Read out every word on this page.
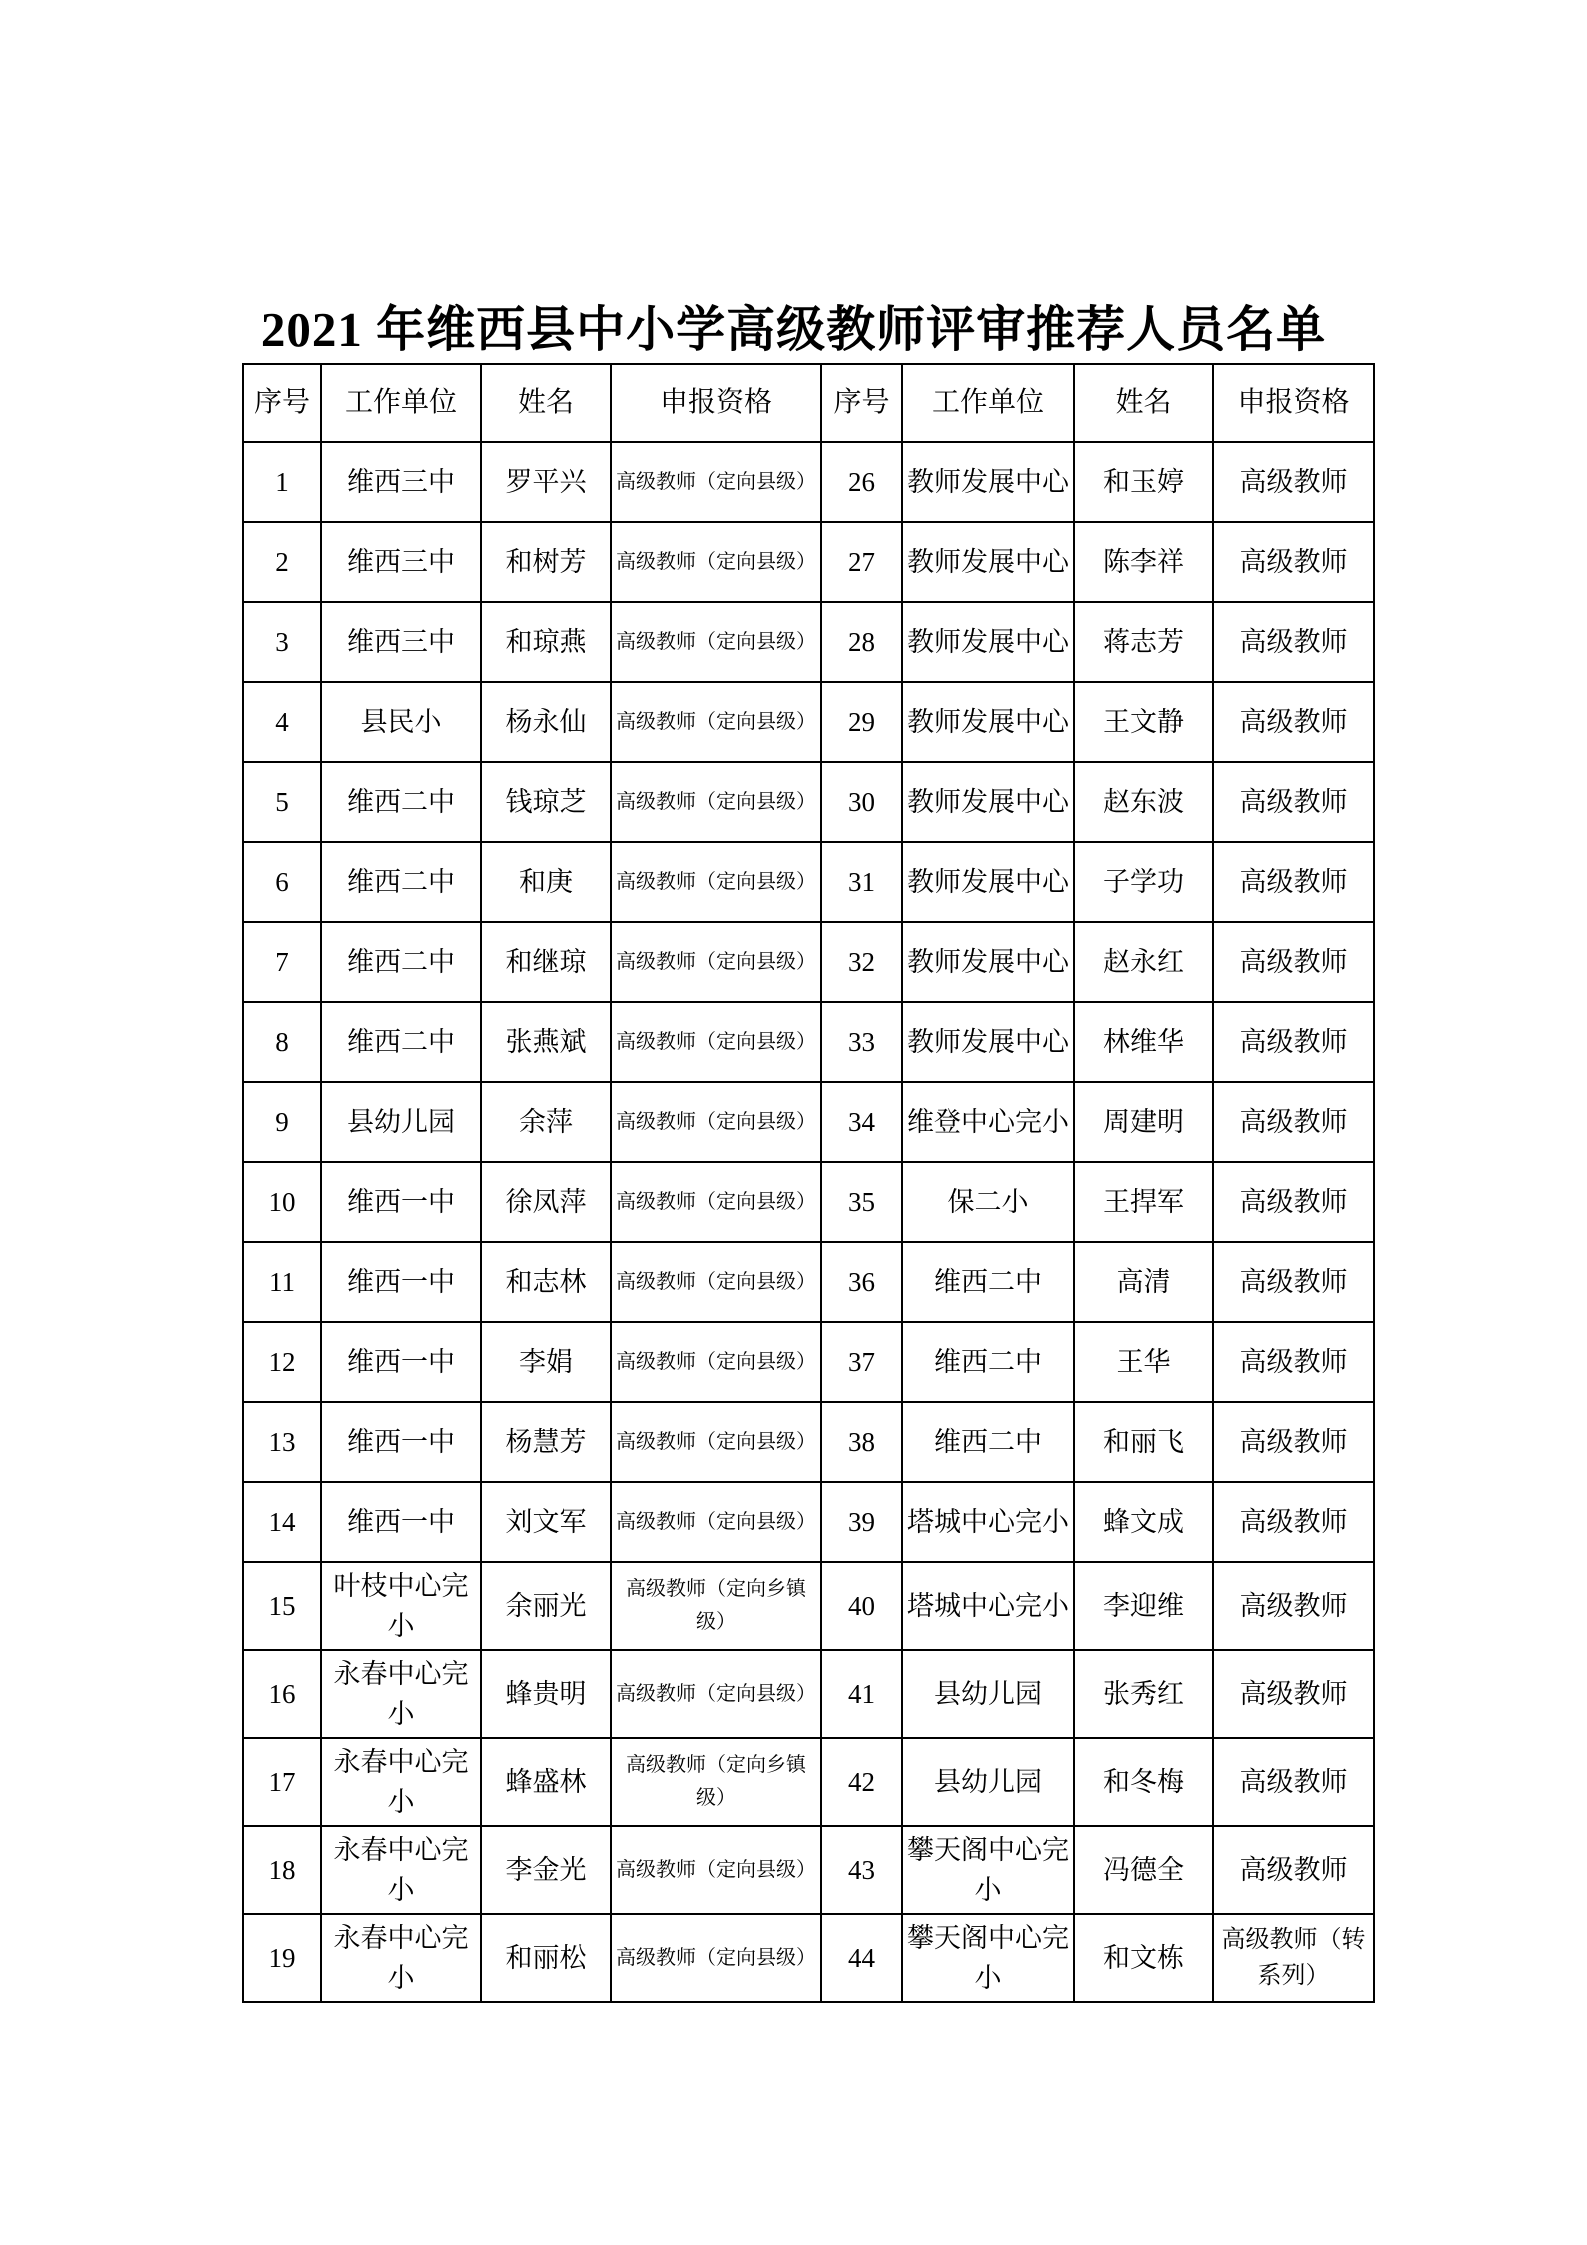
2021 年维西县中小学高级教师评审推荐人员名单
序号	工作单位	姓名	申报资格	序号	工作单位	姓名	申报资格
1	维西三中	罗平兴	高级教师（定向县级）	26	教师发展中心	和玉婷	高级教师
2	维西三中	和树芳	高级教师（定向县级）	27	教师发展中心	陈李祥	高级教师
3	维西三中	和琼燕	高级教师（定向县级）	28	教师发展中心	蒋志芳	高级教师
4	县民小	杨永仙	高级教师（定向县级）	29	教师发展中心	王文静	高级教师
5	维西二中	钱琼芝	高级教师（定向县级）	30	教师发展中心	赵东波	高级教师
6	维西二中	和庚	高级教师（定向县级）	31	教师发展中心	子学功	高级教师
7	维西二中	和继琼	高级教师（定向县级）	32	教师发展中心	赵永红	高级教师
8	维西二中	张燕斌	高级教师（定向县级）	33	教师发展中心	林维华	高级教师
9	县幼儿园	余萍	高级教师（定向县级）	34	维登中心完小	周建明	高级教师
10	维西一中	徐凤萍	高级教师（定向县级）	35	保二小	王捍军	高级教师
11	维西一中	和志林	高级教师（定向县级）	36	维西二中	高清	高级教师
12	维西一中	李娟	高级教师（定向县级）	37	维西二中	王华	高级教师
13	维西一中	杨慧芳	高级教师（定向县级）	38	维西二中	和丽飞	高级教师
14	维西一中	刘文军	高级教师（定向县级）	39	塔城中心完小	蜂文成	高级教师
15	叶枝中心完小	余丽光	高级教师（定向乡镇级）	40	塔城中心完小	李迎维	高级教师
16	永春中心完小	蜂贵明	高级教师（定向县级）	41	县幼儿园	张秀红	高级教师
17	永春中心完小	蜂盛林	高级教师（定向乡镇级）	42	县幼儿园	和冬梅	高级教师
18	永春中心完小	李金光	高级教师（定向县级）	43	攀天阁中心完小	冯德全	高级教师
19	永春中心完小	和丽松	高级教师（定向县级）	44	攀天阁中心完小	和文栋	高级教师（转系列）
